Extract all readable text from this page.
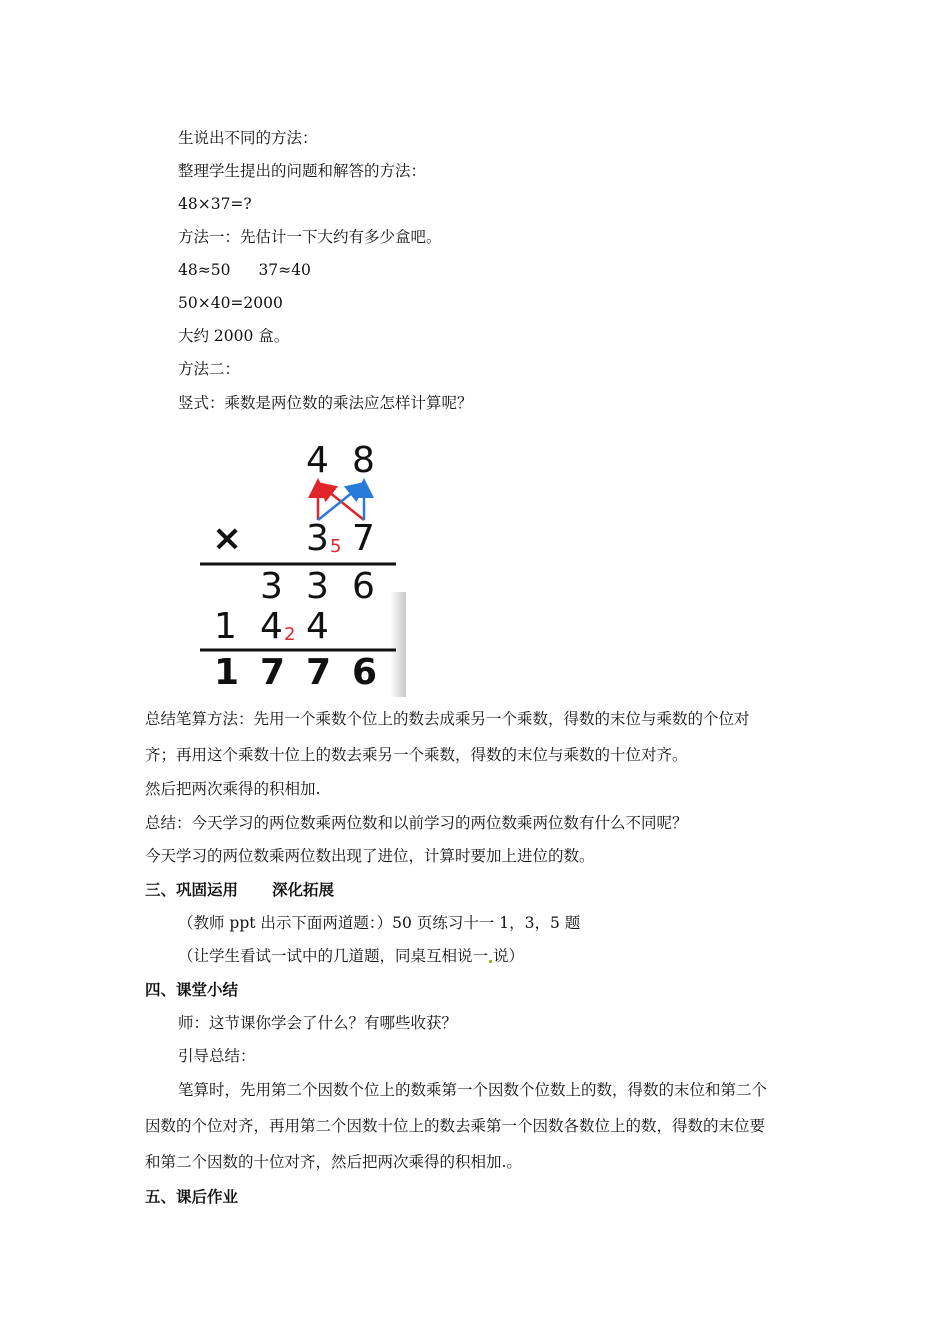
生说出不同的方法：
整理学生提出的问题和解答的方法：
48×37=?
方法一：先估计一下大约有多少盒吧。
48≈50 37≈40
50×40=2000
大约 2000 盒。
方法二：
竖式：乘数是两位数的乘法应怎样计算呢？
4 8
× 3 5 7
3 3 6
1 4 2 4
1 7 7 6
总结笔算方法：先用一个乘数个位上的数去成乘另一个乘数，得数的末位与乘数的个位对
齐；再用这个乘数十位上的数去乘另一个乘数，得数的末位与乘数的十位对齐。
然后把两次乘得的积相加.
总结：今天学习的两位数乘两位数和以前学习的两位数乘两位数有什么不同呢？
今天学习的两位数乘两位数出现了进位，计算时要加上进位的数。
三、巩固运用 深化拓展
（教师 ppt 出示下面两道题：）50 页练习十一 1，3，5 题
（让学生看试一试中的几道题，同桌互相说一 说）
四、课堂小结
师：这节课你学会了什么？有哪些收获？
引导总结：
笔算时，先用第二个因数个位上的数乘第一个因数个位数上的数，得数的末位和第二个
因数的个位对齐，再用第二个因数十位上的数去乘第一个因数各数位上的数，得数的末位要
和第二个因数的十位对齐，然后把两次乘得的积相加.。
五、课后作业
